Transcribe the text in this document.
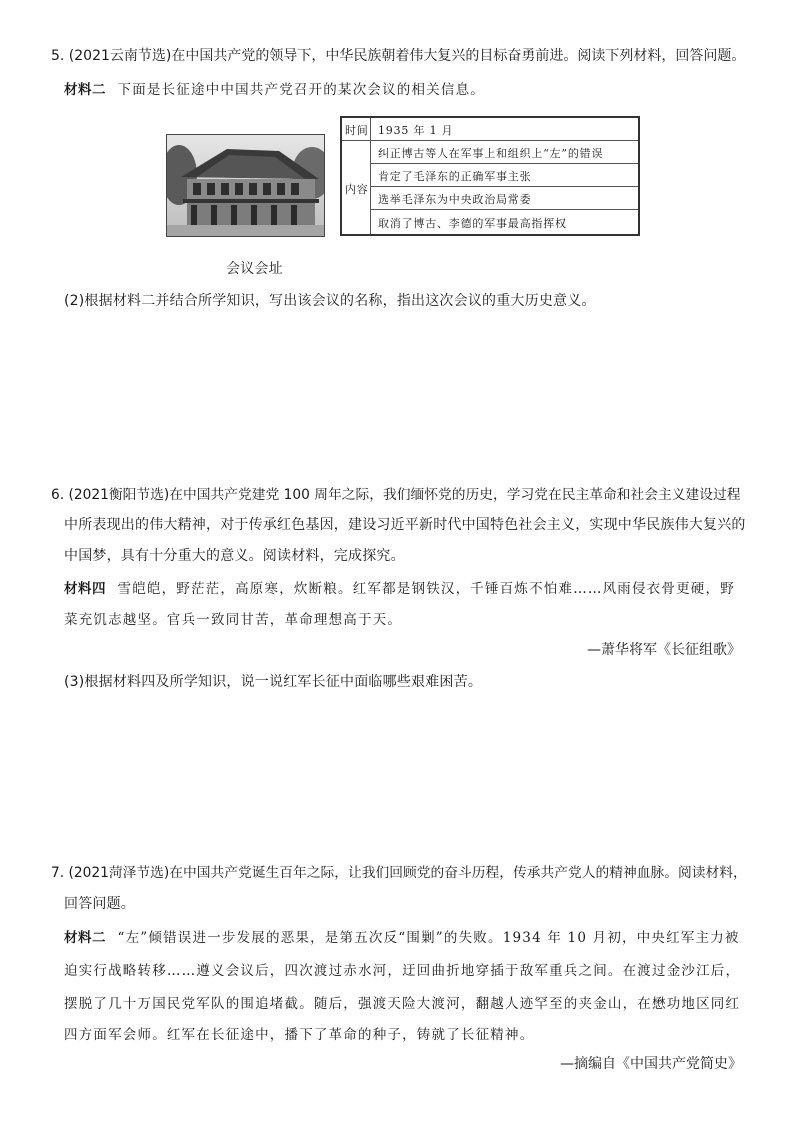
5. (2021云南节选)在中国共产党的领导下，中华民族朝着伟大复兴的目标奋勇前进。阅读下列材料，回答问题。
材料二 下面是长征途中中国共产党召开的某次会议的相关信息。
时间 1935 年 1 月
内容
纠正博古等人在军事上和组织上“左”的错误
肯定了毛泽东的正确军事主张
选举毛泽东为中央政治局常委
取消了博古、李德的军事最高指挥权
会议会址
(2)根据材料二并结合所学知识，写出该会议的名称，指出这次会议的重大历史意义。
6. (2021衡阳节选)在中国共产党建党 100 周年之际，我们缅怀党的历史，学习党在民主革命和社会主义建设过程
中所表现出的伟大精神，对于传承红色基因，建设习近平新时代中国特色社会主义，实现中华民族伟大复兴的
中国梦，具有十分重大的意义。阅读材料，完成探究。
材料四 雪皑皑，野茫茫，高原寒，炊断粮。红军都是钢铁汉，千锤百炼不怕难……风雨侵衣骨更硬，野
菜充饥志越坚。官兵一致同甘苦，革命理想高于天。
—萧华将军《长征组歌》
(3)根据材料四及所学知识，说一说红军长征中面临哪些艰难困苦。
7. (2021菏泽节选)在中国共产党诞生百年之际，让我们回顾党的奋斗历程，传承共产党人的精神血脉。阅读材料，
回答问题。
材料二 “左”倾错误进一步发展的恶果，是第五次反“围剿”的失败。1934 年 10 月初，中央红军主力被
迫实行战略转移……遵义会议后，四次渡过赤水河，迂回曲折地穿插于敌军重兵之间。在渡过金沙江后，
摆脱了几十万国民党军队的围追堵截。随后，强渡天险大渡河，翻越人迹罕至的夹金山，在懋功地区同红
四方面军会师。红军在长征途中，播下了革命的种子，铸就了长征精神。
—摘编自《中国共产党简史》
